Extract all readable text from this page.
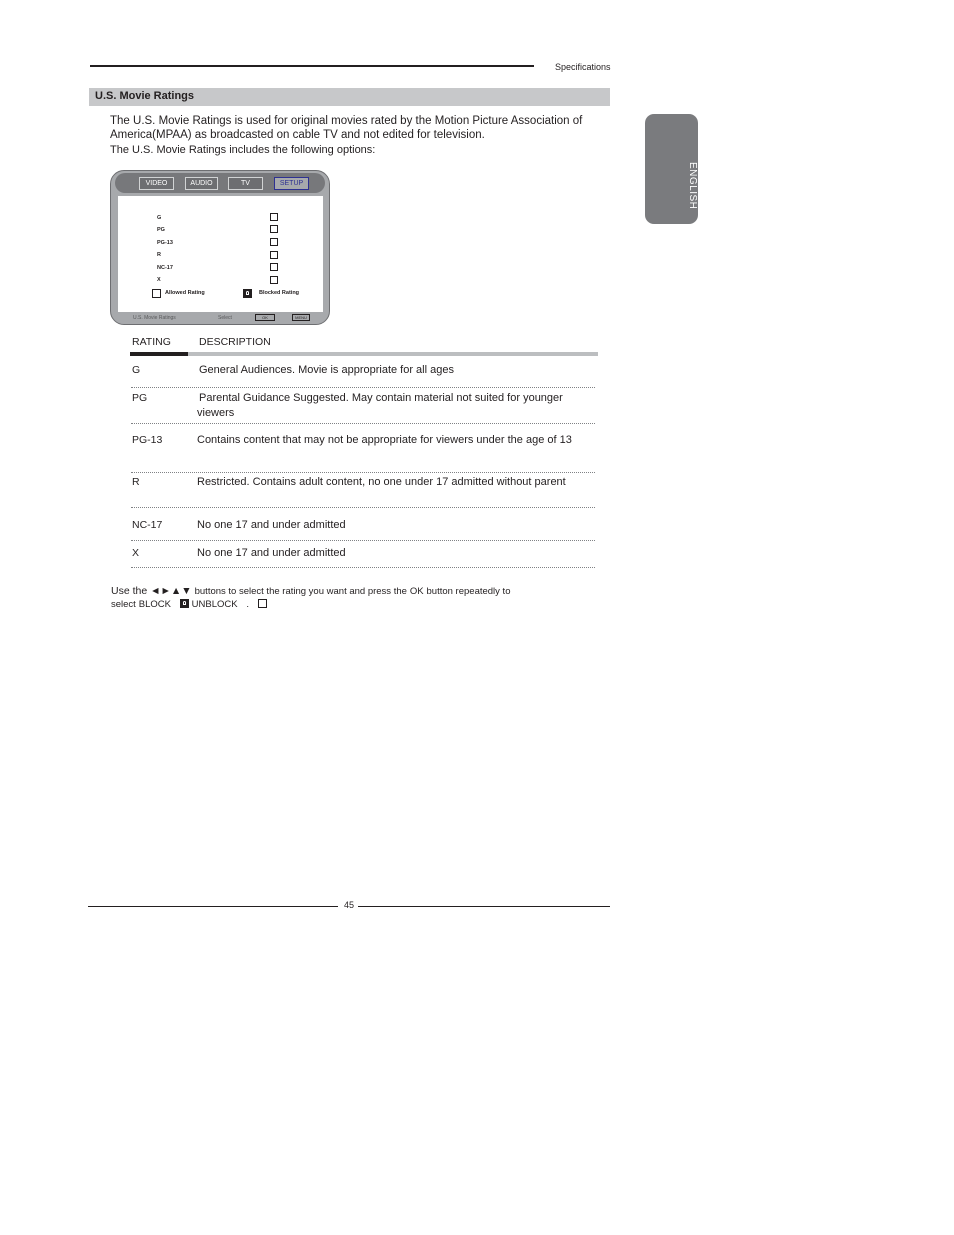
Specifications
U.S. Movie Ratings
ENGLISH
The U.S. Movie Ratings is used for original movies rated by the Motion Picture Association of America(MPAA) as broadcasted on cable TV and not edited for television.
The U.S. Movie Ratings includes the following options:
VIDEO	AUDIO	TV	SETUP
G
PG
PG-13
R
NC-17
X
Allowed Rating	Blocked Rating
U.S. Movie Ratings	Select	OK	MENU
RATING	DESCRIPTION
G	General Audiences. Movie is appropriate for all ages
PG	Parental Guidance Suggested. May contain material not suited for younger viewers
PG-13	Contains content that may not be appropriate for viewers under the age of 13
R	Restricted. Contains adult content, no one under 17 admitted without parent
NC-17	No one 17 and under admitted
X	No one 17 and under admitted
Use the ◄►▲▼ buttons to select the rating you want and press the OK button repeatedly to
select BLOCK UNBLOCK .
45
